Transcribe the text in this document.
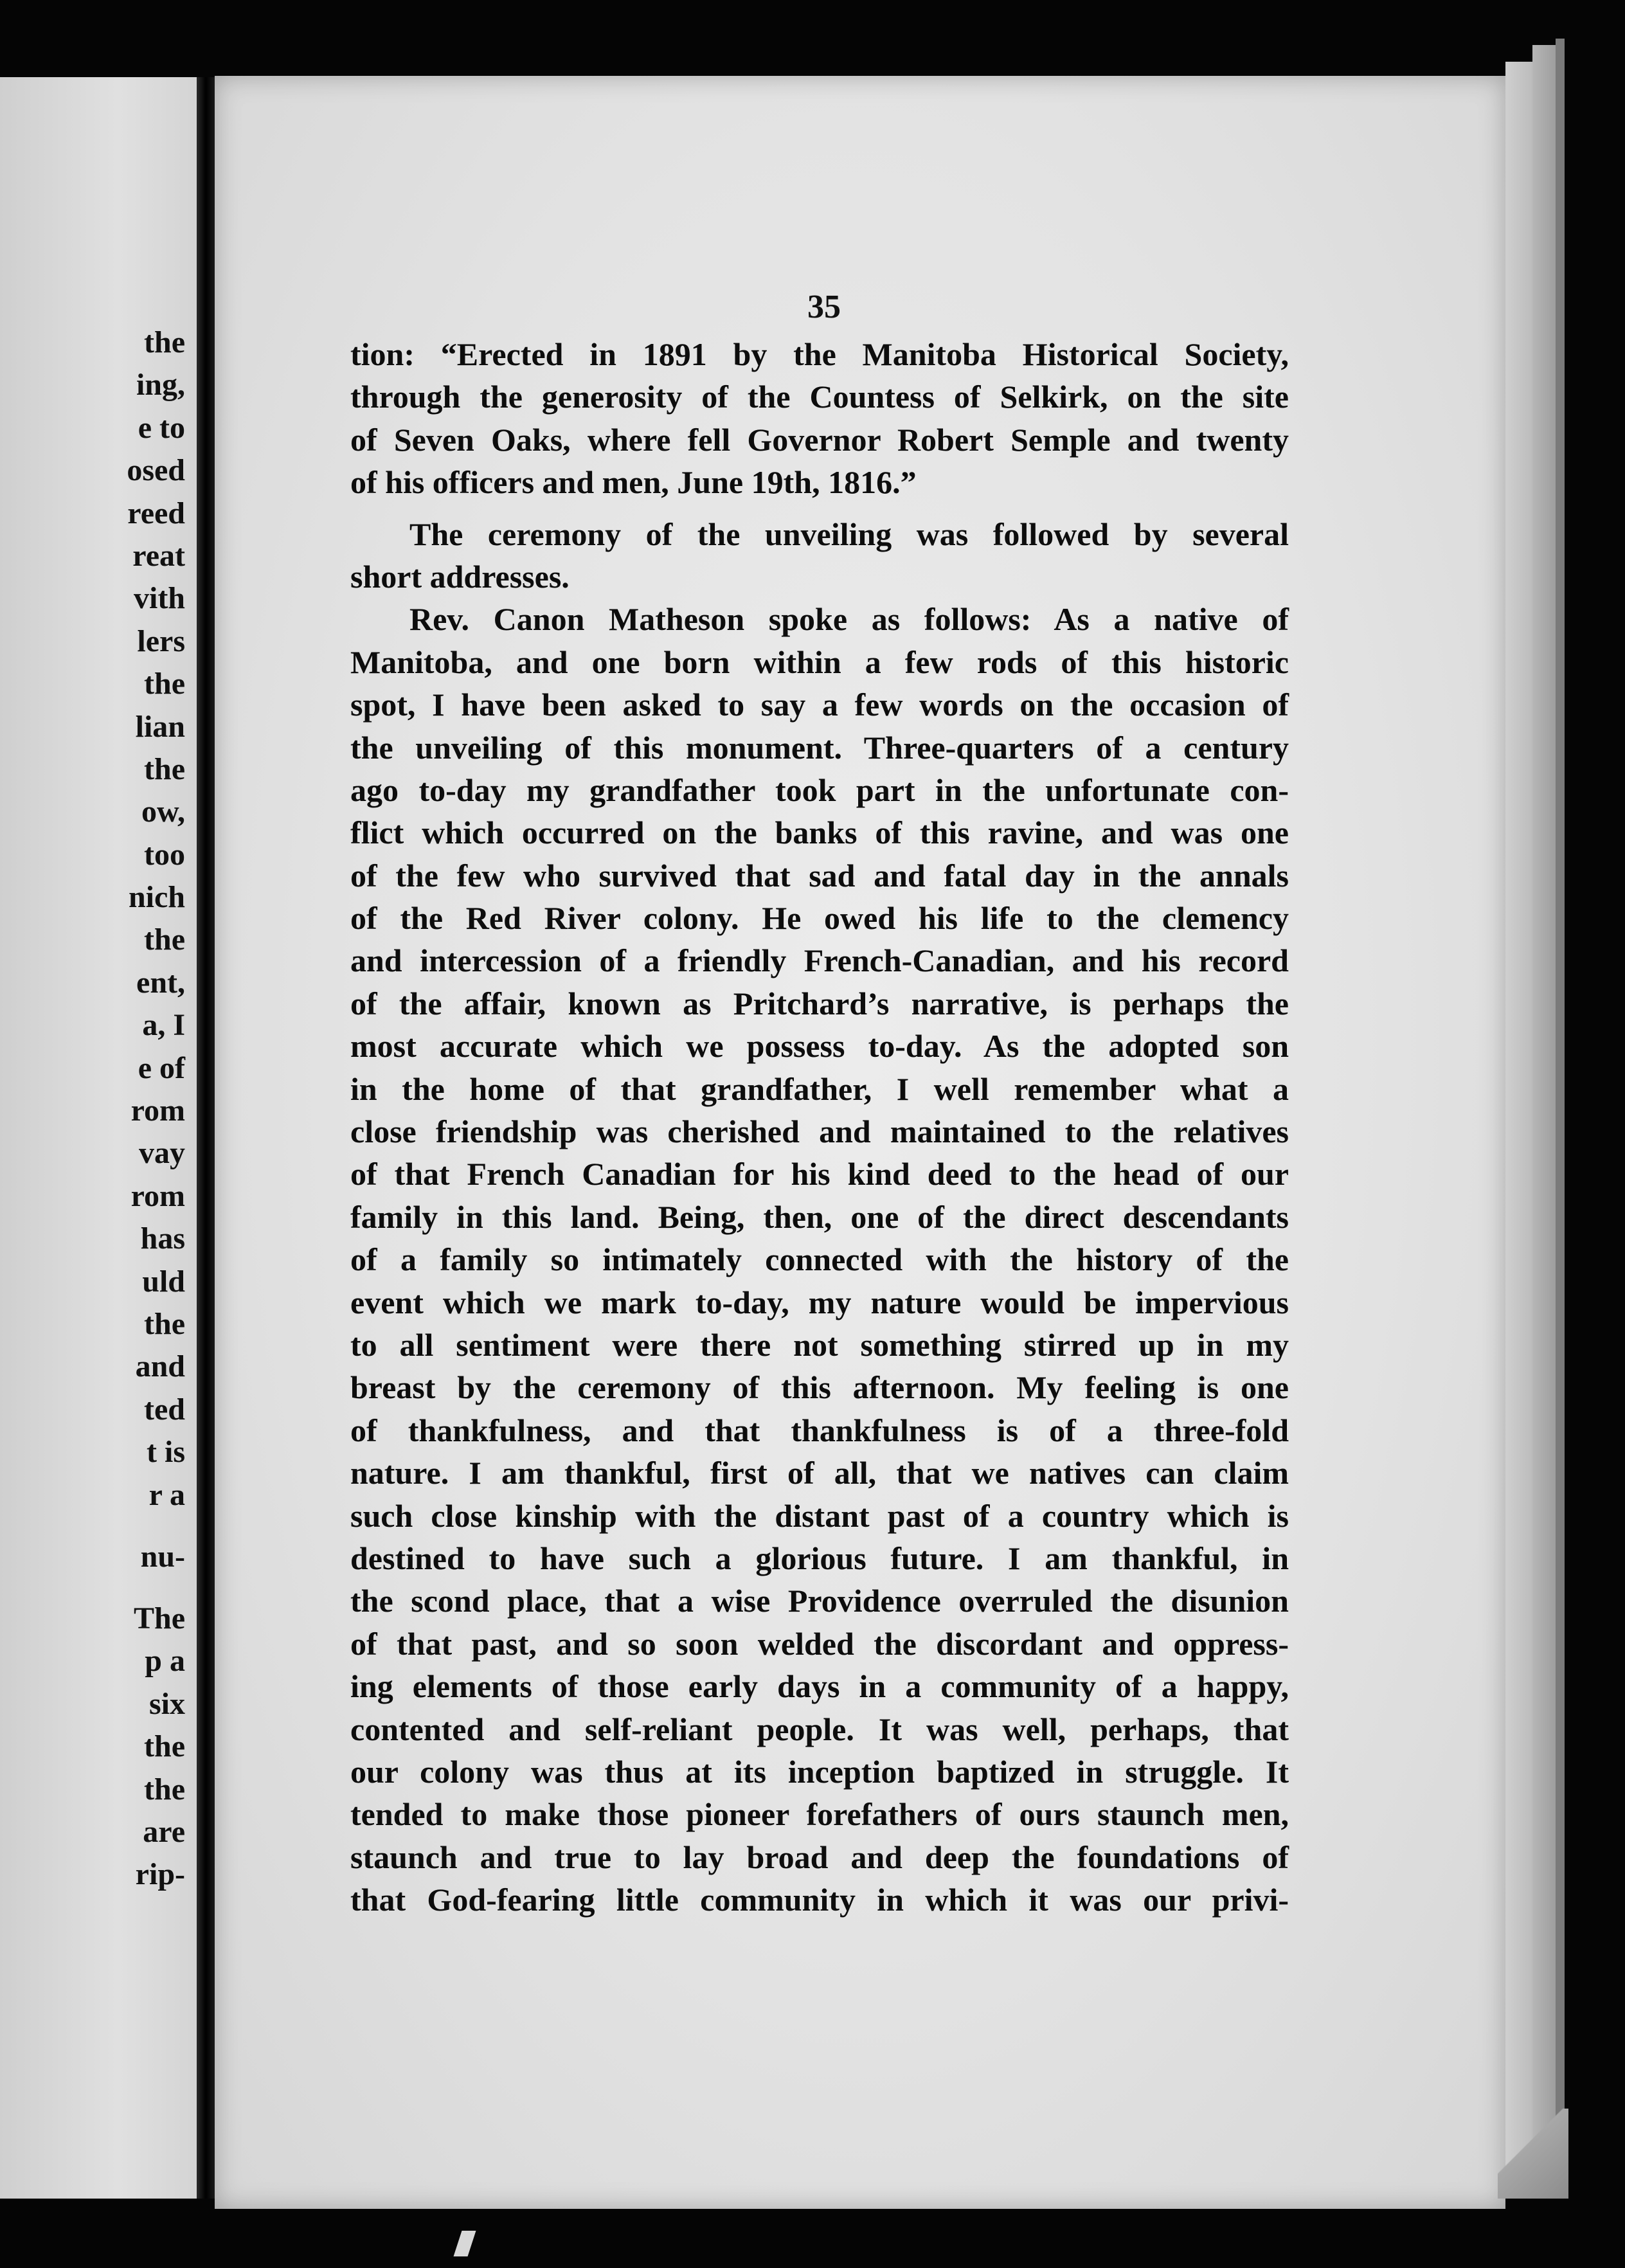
the
ing,
e to
osed
reed
reat
vith
lers
the
lian
the
ow,
too
nich
the
ent,
a, I
e of
rom
vay
rom
has
uld
the
and
ted
t is
r a
nu-
The
p a
six
the
the
are
rip-
35
tion: “Erected in 1891 by the Manitoba Historical Society,
through the generosity of the Countess of Selkirk, on the site
of Seven Oaks, where fell Governor Robert Semple and twenty
of his officers and men, June 19th, 1816.”
The ceremony of the unveiling was followed by several
short addresses.
Rev. Canon Matheson spoke as follows: As a native of
Manitoba, and one born within a few rods of this historic
spot, I have been asked to say a few words on the occasion of
the unveiling of this monument. Three-quarters of a century
ago to-day my grandfather took part in the unfortunate con-
flict which occurred on the banks of this ravine, and was one
of the few who survived that sad and fatal day in the annals
of the Red River colony. He owed his life to the clemency
and intercession of a friendly French-Canadian, and his record
of the affair, known as Pritchard’s narrative, is perhaps the
most accurate which we possess to-day. As the adopted son
in the home of that grandfather, I well remember what a
close friendship was cherished and maintained to the relatives
of that French Canadian for his kind deed to the head of our
family in this land. Being, then, one of the direct descendants
of a family so intimately connected with the history of the
event which we mark to-day, my nature would be impervious
to all sentiment were there not something stirred up in my
breast by the ceremony of this afternoon. My feeling is one
of thankfulness, and that thankfulness is of a three-fold
nature. I am thankful, first of all, that we natives can claim
such close kinship with the distant past of a country which is
destined to have such a glorious future. I am thankful, in
the scond place, that a wise Providence overruled the disunion
of that past, and so soon welded the discordant and oppress-
ing elements of those early days in a community of a happy,
contented and self-reliant people. It was well, perhaps, that
our colony was thus at its inception baptized in struggle. It
tended to make those pioneer forefathers of ours staunch men,
staunch and true to lay broad and deep the foundations of
that God-fearing little community in which it was our privi-
